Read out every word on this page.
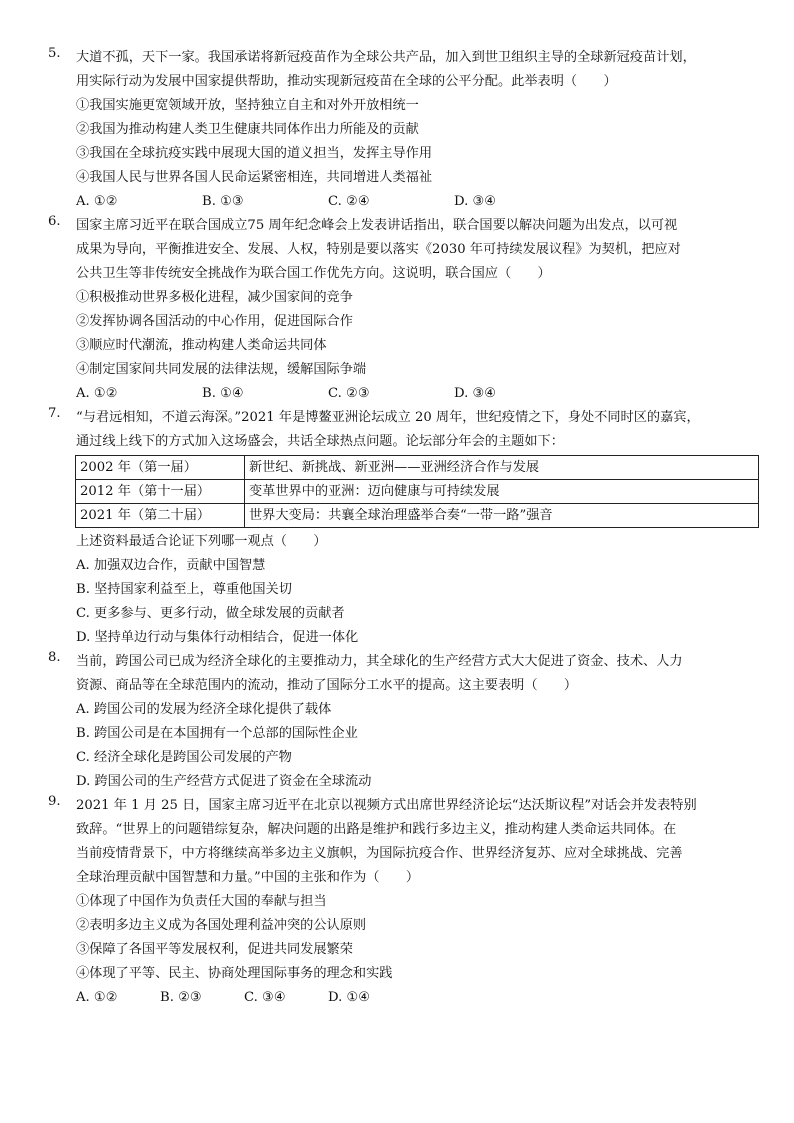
5.	大道不孤，天下一家。我国承诺将新冠疫苗作为全球公共产品，加入到世卫组织主导的全球新冠疫苗计划，
用实际行动为发展中国家提供帮助，推动实现新冠疫苗在全球的公平分配。此举表明（　　）
①我国实施更宽领域开放，坚持独立自主和对外开放相统一
②我国为推动构建人类卫生健康共同体作出力所能及的贡献
③我国在全球抗疫实践中展现大国的道义担当，发挥主导作用
④我国人民与世界各国人民命运紧密相连，共同增进人类福祉
A. ①②	B. ①③	C. ②④	D. ③④
6.	国家主席习近平在联合国成立75 周年纪念峰会上发表讲话指出，联合国要以解决问题为出发点，以可视
成果为导向，平衡推进安全、发展、人权，特别是要以落实《2030 年可持续发展议程》为契机，把应对
公共卫生等非传统安全挑战作为联合国工作优先方向。这说明，联合国应（　　）
①积极推动世界多极化进程，减少国家间的竞争
②发挥协调各国活动的中心作用，促进国际合作
③顺应时代潮流，推动构建人类命运共同体
④制定国家间共同发展的法律法规，缓解国际争端
A. ①②	B. ①④	C. ②③	D. ③④
7.	“与君远相知，不道云海深。”2021 年是博鳌亚洲论坛成立 20 周年，世纪疫情之下，身处不同时区的嘉宾，
通过线上线下的方式加入这场盛会，共话全球热点问题。论坛部分年会的主题如下：
2002 年（第一届）	新世纪、新挑战、新亚洲——亚洲经济合作与发展
2012 年（第十一届）	变革世界中的亚洲：迈向健康与可持续发展
2021 年（第二十届）	世界大变局：共襄全球治理盛举合奏“一带一路”强音
上述资料最适合论证下列哪一观点（　　）
A. 加强双边合作，贡献中国智慧
B. 坚持国家利益至上，尊重他国关切
C. 更多参与、更多行动，做全球发展的贡献者
D. 坚持单边行动与集体行动相结合，促进一体化
8.	当前，跨国公司已成为经济全球化的主要推动力，其全球化的生产经营方式大大促进了资金、技术、人力
资源、商品等在全球范围内的流动，推动了国际分工水平的提高。这主要表明（　　）
A. 跨国公司的发展为经济全球化提供了载体
B. 跨国公司是在本国拥有一个总部的国际性企业
C. 经济全球化是跨国公司发展的产物
D. 跨国公司的生产经营方式促进了资金在全球流动
9.	2021 年 1 月 25 日，国家主席习近平在北京以视频方式出席世界经济论坛“达沃斯议程”对话会并发表特别
致辞。“世界上的问题错综复杂，解决问题的出路是维护和践行多边主义，推动构建人类命运共同体。在
当前疫情背景下，中方将继续高举多边主义旗帜，为国际抗疫合作、世界经济复苏、应对全球挑战、完善
全球治理贡献中国智慧和力量。”中国的主张和作为（　　）
①体现了中国作为负责任大国的奉献与担当
②表明多边主义成为各国处理利益冲突的公认原则
③保障了各国平等发展权利，促进共同发展繁荣
④体现了平等、民主、协商处理国际事务的理念和实践
A. ①②	B. ②③	C. ③④	D. ①④
